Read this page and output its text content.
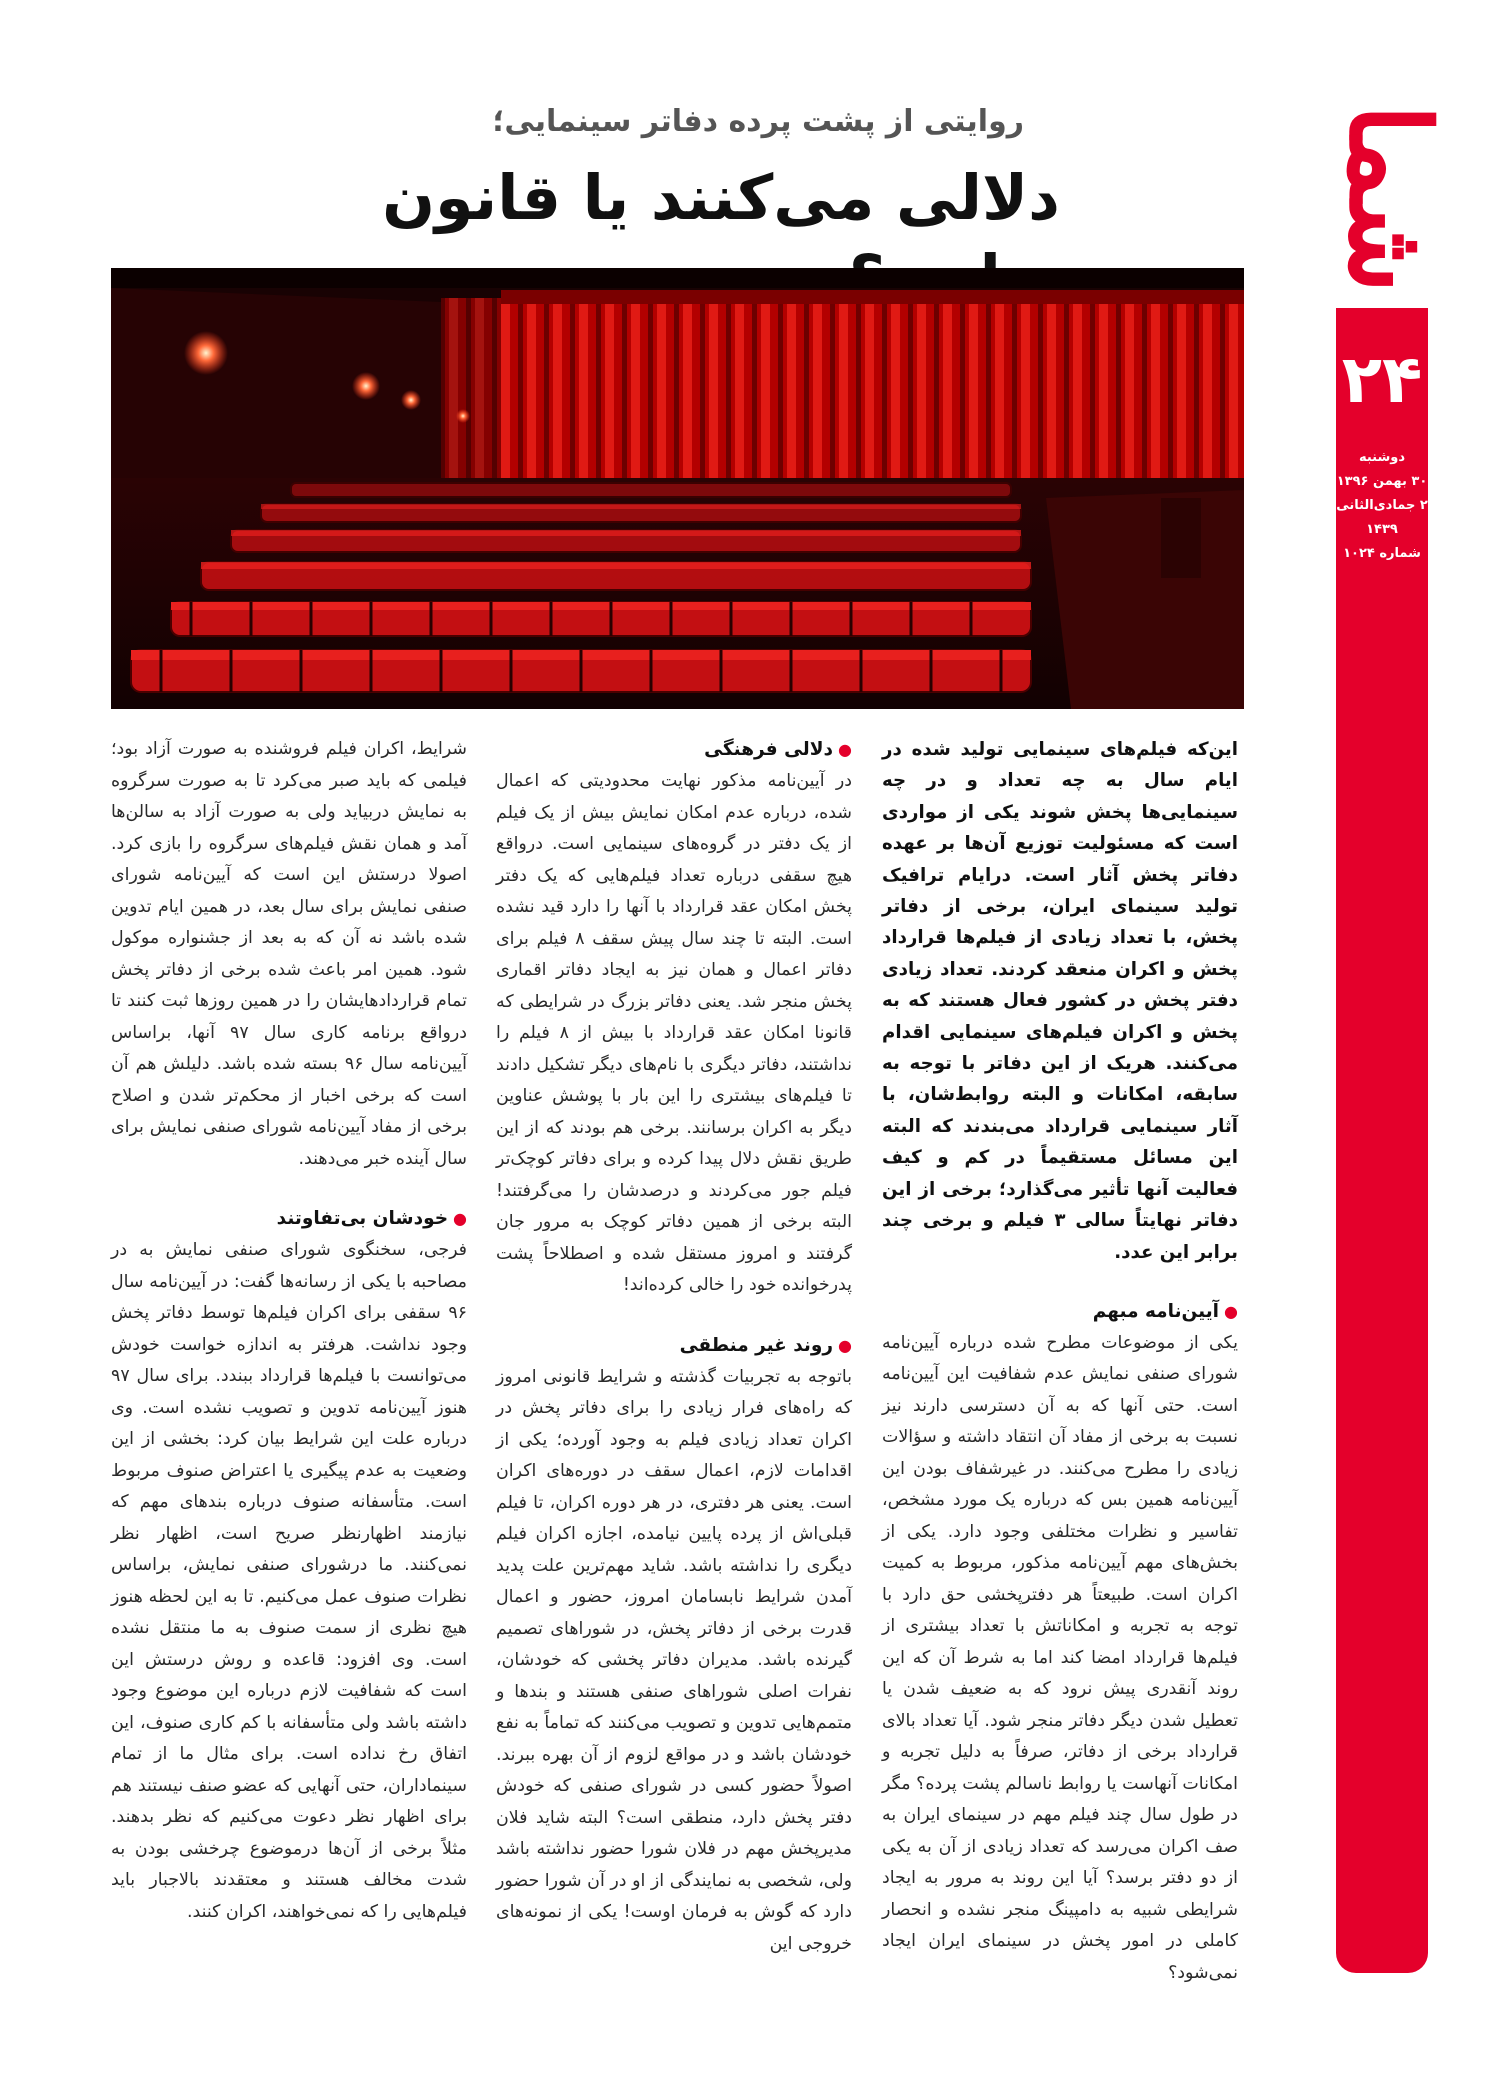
شما
۲۴
دوشنبه
۳۰ بهمن ۱۳۹۶
۲ جمادی‌الثانی ۱۴۳۹
شماره ۱۰۲۴
روایتی از پشت پرده دفاتر سینمایی؛
دلالی می‌کنند یا قانون

این‌که فیلم‌های سینمایی تولید شده در ایام سال به چه تعداد و در چه سینمایی‌ها پخش شوند یکی از مواردی است که مسئولیت توزیع آن‌ها بر عهده دفاتر پخش آثار است. درایام ترافیک تولید سینمای ایران، برخی از دفاتر پخش، با تعداد زیادی از فیلم‌ها قرارداد پخش و اکران منعقد کردند. تعداد زیادی دفتر پخش در کشور فعال هستند که به پخش و اکران فیلم‌های سینمایی اقدام می‌کنند. هریک از این دفاتر با توجه به سابقه، امکانات و البته روابط‌شان، با آثار سینمایی قرارداد می‌بندند که البته این مسائل مستقیماً در کم و کیف فعالیت آنها تأثیر می‌گذارد؛ برخی از این دفاتر نهایتاً سالی ۳ فیلم و برخی چند برابر این عدد.

●آیین‌نامه مبهم

یکی از موضوعات مطرح شده درباره آیین‌نامه شورای صنفی نمایش عدم شفافیت این آیین‌نامه است. حتی آنها که به آن دسترسی دارند نیز نسبت به برخی از مفاد آن انتقاد داشته و سؤالات زیادی را مطرح می‌کنند. در غیرشفاف بودن این آیین‌نامه همین بس که درباره یک مورد مشخص، تفاسیر و نظرات مختلفی وجود دارد. یکی از بخش‌های مهم آیین‌نامه مذکور، مربوط به کمیت اکران است. طبیعتاً هر دفترپخشی حق دارد با توجه به تجربه و امکاناتش با تعداد بیشتری از فیلم‌ها قرارداد امضا کند اما به شرط آن که این روند آنقدری پیش نرود که به ضعیف شدن یا تعطیل شدن دیگر دفاتر منجر شود. آیا تعداد بالای قرارداد برخی از دفاتر، صرفاً به دلیل تجربه و امکانات آنهاست یا روابط ناسالم پشت پرده؟ مگر در طول سال چند فیلم مهم در سینمای ایران به صف اکران می‌رسد که تعداد زیادی از آن به یکی از دو دفتر برسد؟ آیا این روند به مرور به ایجاد شرایطی شبیه به دامپینگ منجر نشده و انحصار کاملی در امور پخش در سینمای ایران ایجاد نمی‌شود؟

●دلالی فرهنگی

در آیین‌نامه مذکور نهایت محدودیتی که اعمال شده، درباره عدم امکان نمایش بیش از یک فیلم از یک دفتر در گروه‌های سینمایی است. درواقع هیچ سقفی درباره تعداد فیلم‌هایی که یک دفتر پخش امکان عقد قرارداد با آنها را دارد قید نشده است. البته تا چند سال پیش سقف ۸ فیلم برای دفاتر اعمال و همان نیز به ایجاد دفاتر اقماری پخش منجر شد. یعنی دفاتر بزرگ در شرایطی که قانونا امکان عقد قرارداد با بیش از ۸ فیلم را نداشتند، دفاتر دیگری با نام‌های دیگر تشکیل دادند تا فیلم‌های بیشتری را این بار با پوشش عناوین دیگر به اکران برسانند. برخی هم بودند که از این طریق نقش دلال پیدا کرده و برای دفاتر کوچک‌تر فیلم جور می‌کردند و درصدشان را می‌گرفتند! البته برخی از همین دفاتر کوچک به مرور جان گرفتند و امروز مستقل شده و اصطلاحاً پشت پدرخوانده خود را خالی کرده‌اند!

●روند غیر منطقی

باتوجه به تجربیات گذشته و شرایط قانونی امروز که راه‌های فرار زیادی را برای دفاتر پخش در اکران تعداد زیادی فیلم به وجود آورده؛ یکی از اقدامات لازم، اعمال سقف در دوره‌های اکران است. یعنی هر دفتری، در هر دوره اکران، تا فیلم قبلی‌اش از پرده پایین نیامده، اجازه اکران فیلم دیگری را نداشته باشد. شاید مهم‌ترین علت پدید آمدن شرایط نابسامان امروز، حضور و اعمال قدرت برخی از دفاتر پخش، در شوراهای تصمیم گیرنده باشد. مدیران دفاتر پخشی که خودشان، نفرات اصلی شوراهای صنفی هستند و بندها و متمم‌هایی تدوین و تصویب می‌کنند که تماماً به نفع خودشان باشد و در مواقع لزوم از آن بهره ببرند. اصولاً حضور کسی در شورای صنفی که خودش دفتر پخش دارد، منطقی است؟ البته شاید فلان مدیرپخش مهم در فلان شورا حضور نداشته باشد ولی، شخصی به نمایندگی از او در آن شورا حضور دارد که گوش به فرمان اوست! یکی از نمونه‌های خروجی این

شرایط، اکران فیلم فروشنده به صورت آزاد بود؛ فیلمی که باید صبر می‌کرد تا به صورت سرگروه به نمایش دربیاید ولی به صورت آزاد به سالن‌ها آمد و همان نقش فیلم‌های سرگروه را بازی کرد. اصولا درستش این است که آیین‌نامه شورای صنفی نمایش برای سال بعد، در همین ایام تدوین شده باشد نه آن که به بعد از جشنواره موکول شود. همین امر باعث شده برخی از دفاتر پخش تمام قراردادهایشان را در همین روزها ثبت کنند تا درواقع برنامه کاری سال ۹۷ آنها، براساس آیین‌نامه سال ۹۶ بسته شده باشد. دلیلش هم آن است که برخی اخبار از محکم‌تر شدن و اصلاح برخی از مفاد آیین‌نامه شورای صنفی نمایش برای سال آینده خبر می‌دهند.

●خودشان بی‌تفاوتند

فرجی، سخنگوی شورای صنفی نمایش به در مصاحبه با یکی از رسانه‌ها گفت: در آیین‌نامه سال ۹۶ سقفی برای اکران فیلم‌ها توسط دفاتر پخش وجود نداشت. هرفتر به اندازه خواست خودش می‌توانست با فیلم‌ها قرارداد ببندد. برای سال ۹۷ هنوز آیین‌نامه تدوین و تصویب نشده است. وی درباره علت این شرایط بیان کرد: بخشی از این وضعیت به عدم پیگیری یا اعتراض صنوف مربوط است. متأسفانه صنوف درباره بندهای مهم که نیازمند اظهارنظر صریح است، اظهار نظر نمی‌کنند. ما درشورای صنفی نمایش، براساس نظرات صنوف عمل می‌کنیم. تا به این لحظه هنوز هیچ نظری از سمت صنوف به ما منتقل نشده است. وی افزود: قاعده و روش درستش این است که شفافیت لازم درباره این موضوع وجود داشته باشد ولی متأسفانه با کم کاری صنوف، این اتفاق رخ نداده است. برای مثال ما از تمام سینماداران، حتی آنهایی که عضو صنف نیستند هم برای اظهار نظر دعوت می‌کنیم که نظر بدهند. مثلاً برخی از آن‌ها درموضوع چرخشی بودن به شدت مخالف هستند و معتقدند بالاجبار باید فیلم‌هایی را که نمی‌خواهند، اکران کنند.
